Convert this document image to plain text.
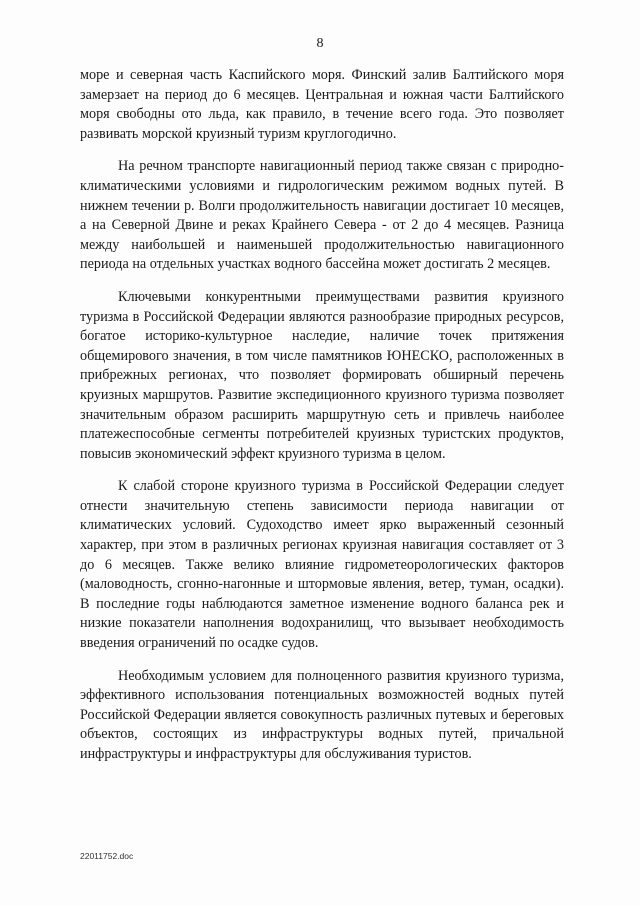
8

море и северная часть Каспийского моря. Финский залив Балтийского моря замерзает на период до 6 месяцев. Центральная и южная части Балтийского моря свободны ото льда, как правило, в течение всего года. Это позволяет развивать морской круизный туризм круглогодично.

На речном транспорте навигационный период также связан с природно-климатическими условиями и гидрологическим режимом водных путей. В нижнем течении р. Волги продолжительность навигации достигает 10 месяцев, а на Северной Двине и реках Крайнего Севера - от 2 до 4 месяцев. Разница между наибольшей и наименьшей продолжительностью навигационного периода на отдельных участках водного бассейна может достигать 2 месяцев.

Ключевыми конкурентными преимуществами развития круизного туризма в Российской Федерации являются разнообразие природных ресурсов, богатое историко-культурное наследие, наличие точек притяжения общемирового значения, в том числе памятников ЮНЕСКО, расположенных в прибрежных регионах, что позволяет формировать обширный перечень круизных маршрутов. Развитие экспедиционного круизного туризма позволяет значительным образом расширить маршрутную сеть и привлечь наиболее платежеспособные сегменты потребителей круизных туристских продуктов, повысив экономический эффект круизного туризма в целом.

К слабой стороне круизного туризма в Российской Федерации следует отнести значительную степень зависимости периода навигации от климатических условий. Судоходство имеет ярко выраженный сезонный характер, при этом в различных регионах круизная навигация составляет от 3 до 6 месяцев. Также велико влияние гидрометеорологических факторов (маловодность, сгонно-нагонные и штормовые явления, ветер, туман, осадки). В последние годы наблюдаются заметное изменение водного баланса рек и низкие показатели наполнения водохранилищ, что вызывает необходимость введения ограничений по осадке судов.

Необходимым условием для полноценного развития круизного туризма, эффективного использования потенциальных возможностей водных путей Российской Федерации является совокупность различных путевых и береговых объектов, состоящих из инфраструктуры водных путей, причальной инфраструктуры и инфраструктуры для обслуживания туристов.

22011752.doc
